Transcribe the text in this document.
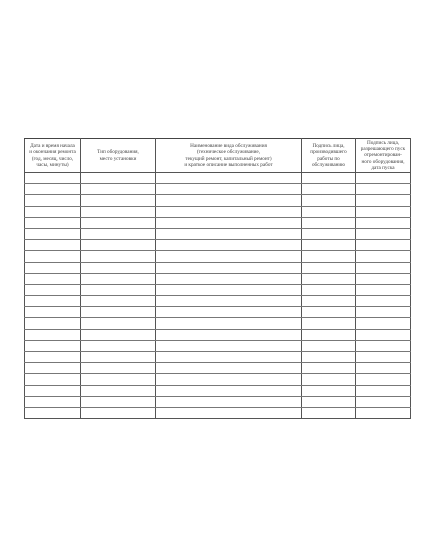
Дата и время начала
и окончания ремонта
(год, месяц, число,
часы, минуты)	Тип оборудования,
место установки	Наименование вида обслуживания
(техническое обслуживание,
текущий ремонт, капитальный ремонт)
и краткое описание выполненных работ	Подпись лица,
производившего
работы по
обслуживанию	Подпись лица,
разрешающего пуск
отремонтирован-
ного оборудования,
дата пуска
